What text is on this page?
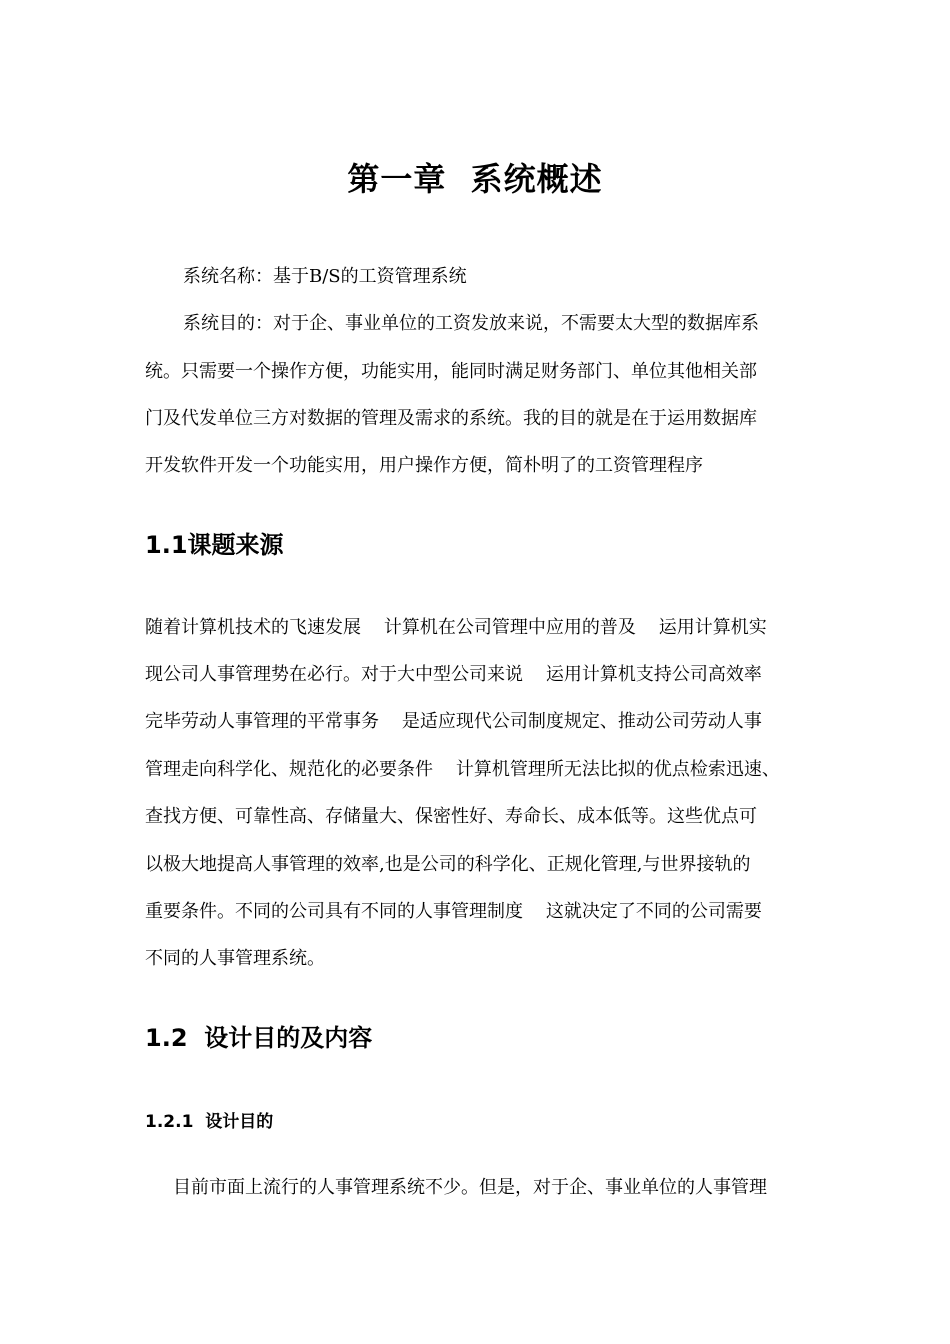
第一章  系统概述

系统名称：基于B/S的工资管理系统

系统目的：对于企、事业单位的工资发放来说，不需要太大型的数据库系

统。只需要一个操作方便，功能实用，能同时满足财务部门、单位其他相关部

门及代发单位三方对数据的管理及需求的系统。我的目的就是在于运用数据库

开发软件开发一个功能实用，用户操作方便，简朴明了的工资管理程序

1.1课题来源

随着计算机技术的飞速发展    计算机在公司管理中应用的普及    运用计算机实

现公司人事管理势在必行。对于大中型公司来说    运用计算机支持公司高效率

完毕劳动人事管理的平常事务    是适应现代公司制度规定、推动公司劳动人事

管理走向科学化、规范化的必要条件    计算机管理所无法比拟的优点检索迅速、

查找方便、可靠性高、存储量大、保密性好、寿命长、成本低等。这些优点可

以极大地提高人事管理的效率,也是公司的科学化、正规化管理,与世界接轨的

重要条件。不同的公司具有不同的人事管理制度    这就决定了不同的公司需要

不同的人事管理系统。

1.2  设计目的及内容
1.2.1  设计目的

目前市面上流行的人事管理系统不少。但是，对于企、事业单位的人事管理
